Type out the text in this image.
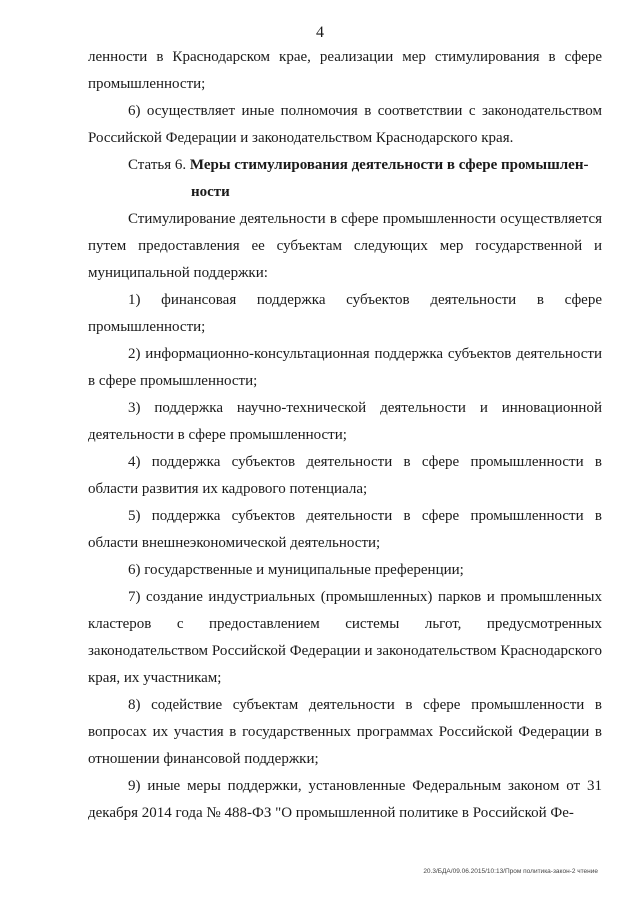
4

ленности в Краснодарском крае, реализации мер стимулирования в сфере промышленности;

6) осуществляет иные полномочия в соответствии с законодательством Российской Федерации и законодательством Краснодарского края.

Статья 6. Меры стимулирования деятельности в сфере промышлен-
ности

Стимулирование деятельности в сфере промышленности осуществляется путем предоставления ее субъектам следующих мер государственной и муниципальной поддержки:

1) финансовая поддержка субъектов деятельности в сфере промышленности;

2) информационно-консультационная поддержка субъектов деятельности в сфере промышленности;

3) поддержка научно-технической деятельности и инновационной деятельности в сфере промышленности;

4) поддержка субъектов деятельности в сфере промышленности в области развития их кадрового потенциала;

5) поддержка субъектов деятельности в сфере промышленности в области внешнеэкономической деятельности;

6) государственные и муниципальные преференции;

7) создание индустриальных (промышленных) парков и промышленных кластеров с предоставлением системы льгот, предусмотренных законодательством Российской Федерации и законодательством Краснодарского края, их участникам;

8) содействие субъектам деятельности в сфере промышленности в вопросах их участия в государственных программах Российской Федерации в отношении финансовой поддержки;

9) иные меры поддержки, установленные Федеральным законом от 31 декабря 2014 года № 488-ФЗ "О промышленной политике в Российской Фе-

20.3/БДА/09.06.2015/10:13/Пром политика-закон-2 чтение
